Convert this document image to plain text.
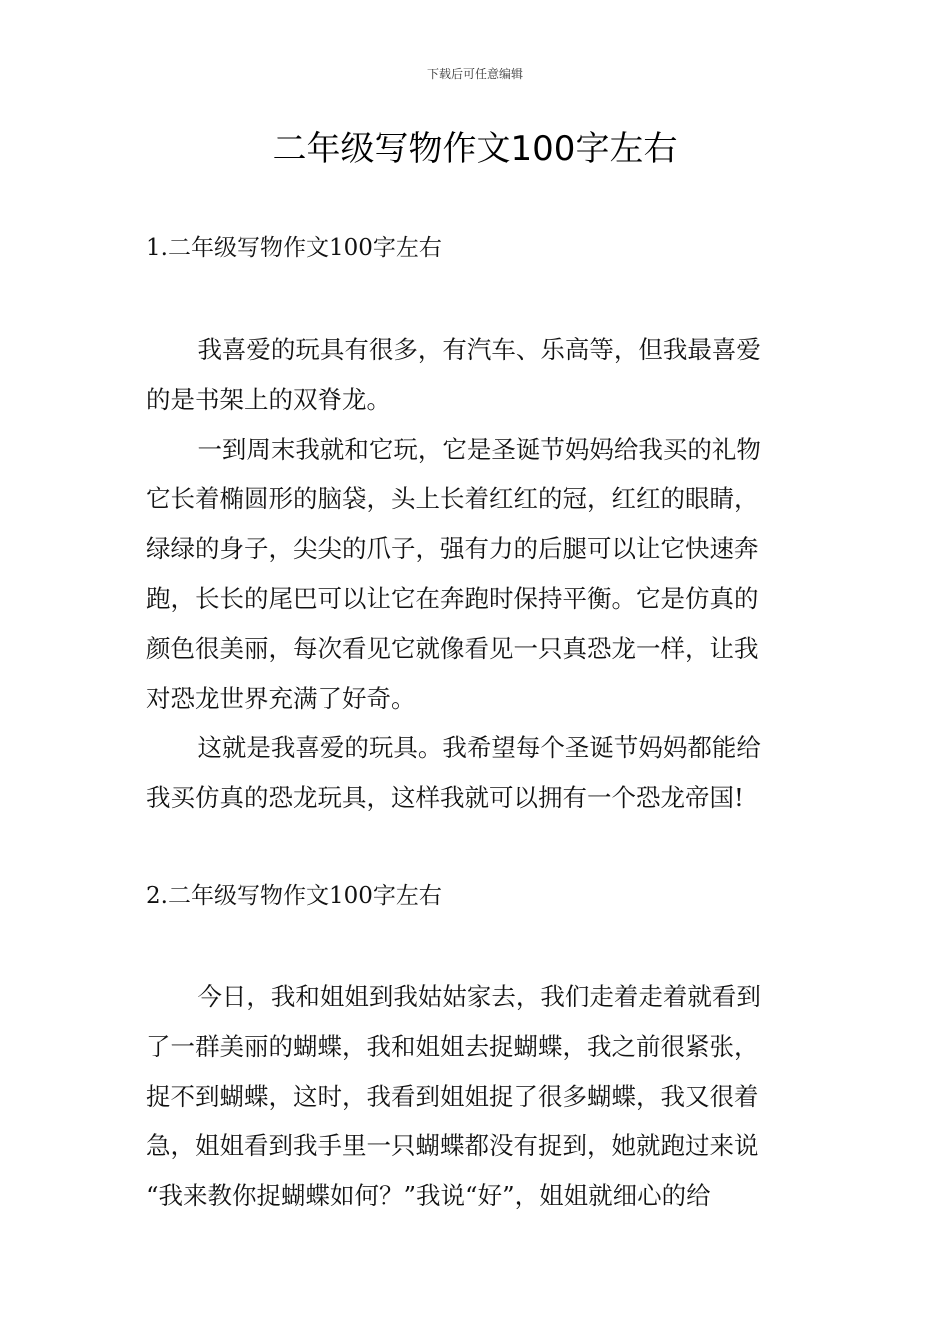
下载后可任意编辑
二年级写物作文100字左右
1.二年级写物作文100字左右

我喜爱的玩具有很多，有汽车、乐高等，但我最喜爱
的是书架上的双脊龙。

一到周末我就和它玩，它是圣诞节妈妈给我买的礼物
它长着椭圆形的脑袋，头上长着红红的冠，红红的眼睛，
绿绿的身子，尖尖的爪子，强有力的后腿可以让它快速奔
跑，长长的尾巴可以让它在奔跑时保持平衡。它是仿真的
颜色很美丽，每次看见它就像看见一只真恐龙一样，让我
对恐龙世界充满了好奇。

这就是我喜爱的玩具。我希望每个圣诞节妈妈都能给
我买仿真的恐龙玩具，这样我就可以拥有一个恐龙帝国!

2.二年级写物作文100字左右

今日，我和姐姐到我姑姑家去，我们走着走着就看到
了一群美丽的蝴蝶，我和姐姐去捉蝴蝶，我之前很紧张，
捉不到蝴蝶，这时，我看到姐姐捉了很多蝴蝶，我又很着
急，姐姐看到我手里一只蝴蝶都没有捉到，她就跑过来说
“我来教你捉蝴蝶如何？”我说“好”，姐姐就细心的给
